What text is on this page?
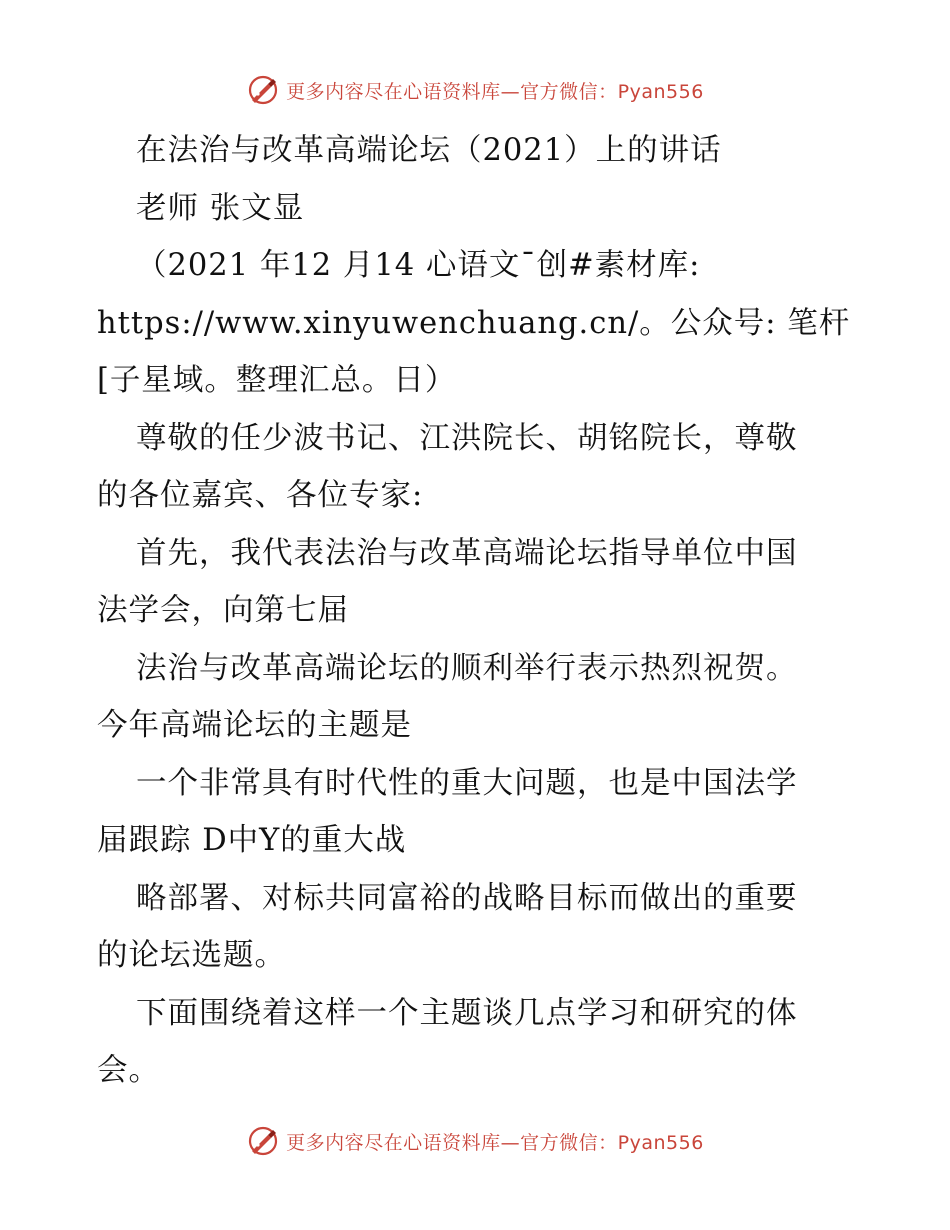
更多内容尽在心语资料库—官方微信：Pyan556
在法治与改革高端论坛（2021）上的讲话
老师 张文显
（2021 年12 月14 心语文¯创#素材库:
https://www.xinyuwenchuang.cn/。公众号: 笔杆
[子星域。整理汇总。日）
尊敬的任少波书记、江洪院长、胡铭院长，尊敬
的各位嘉宾、各位专家:
首先，我代表法治与改革高端论坛指导单位中国
法学会，向第七届
法治与改革高端论坛的顺利举行表示热烈祝贺。
今年高端论坛的主题是
一个非常具有时代性的重大问题，也是中国法学
届跟踪 D中Y的重大战
略部署、对标共同富裕的战略目标而做出的重要
的论坛选题。
下面围绕着这样一个主题谈几点学习和研究的体
会。
更多内容尽在心语资料库—官方微信：Pyan556
